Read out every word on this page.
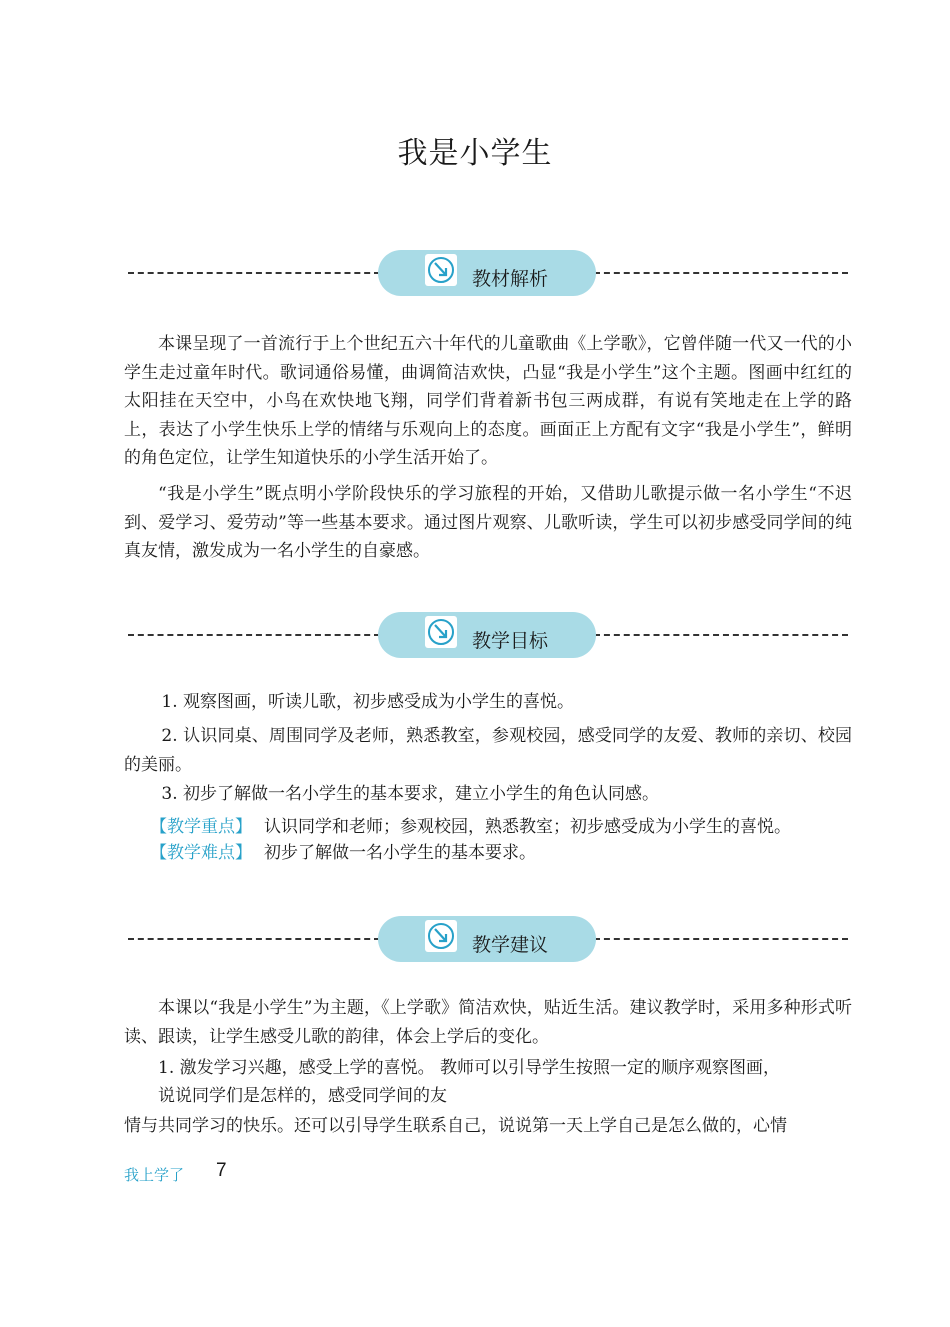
我是小学生
教材解析

本课呈现了一首流行于上个世纪五六十年代的儿童歌曲《上学歌》，它曾伴随一代又一代的小学生走过童年时代。歌词通俗易懂，曲调简洁欢快，凸显“我是小学生”这个主题。图画中红红的太阳挂在天空中，小鸟在欢快地飞翔，同学们背着新书包三两成群，有说有笑地走在上学的路上，表达了小学生快乐上学的情绪与乐观向上的态度。画面正上方配有文字“我是小学生”，鲜明的角色定位，让学生知道快乐的小学生活开始了。

“我是小学生”既点明小学阶段快乐的学习旅程的开始，又借助儿歌提示做一名小学生“不迟到、爱学习、爱劳动”等一些基本要求。通过图片观察、儿歌听读，学生可以初步感受同学间的纯真友情，激发成为一名小学生的自豪感。

教学目标

1. 观察图画，听读儿歌，初步感受成为小学生的喜悦。

2. 认识同桌、周围同学及老师，熟悉教室，参观校园，感受同学的友爱、教师的亲切、校园的美丽。

3. 初步了解做一名小学生的基本要求，建立小学生的角色认同感。

【教学重点】 认识同学和老师；参观校园，熟悉教室；初步感受成为小学生的喜悦。

【教学难点】 初步了解做一名小学生的基本要求。

教学建议

本课以“我是小学生”为主题，《上学歌》简洁欢快，贴近生活。建议教学时，采用多种形式听读、跟读，让学生感受儿歌的韵律，体会上学后的变化。

1. 激发学习兴趣，感受上学的喜悦。 教师可以引导学生按照一定的顺序观察图画，

说说同学们是怎样的，感受同学间的友

情与共同学习的快乐。还可以引导学生联系自己，说说第一天上学自己是怎么做的，心情

我上学了 7
